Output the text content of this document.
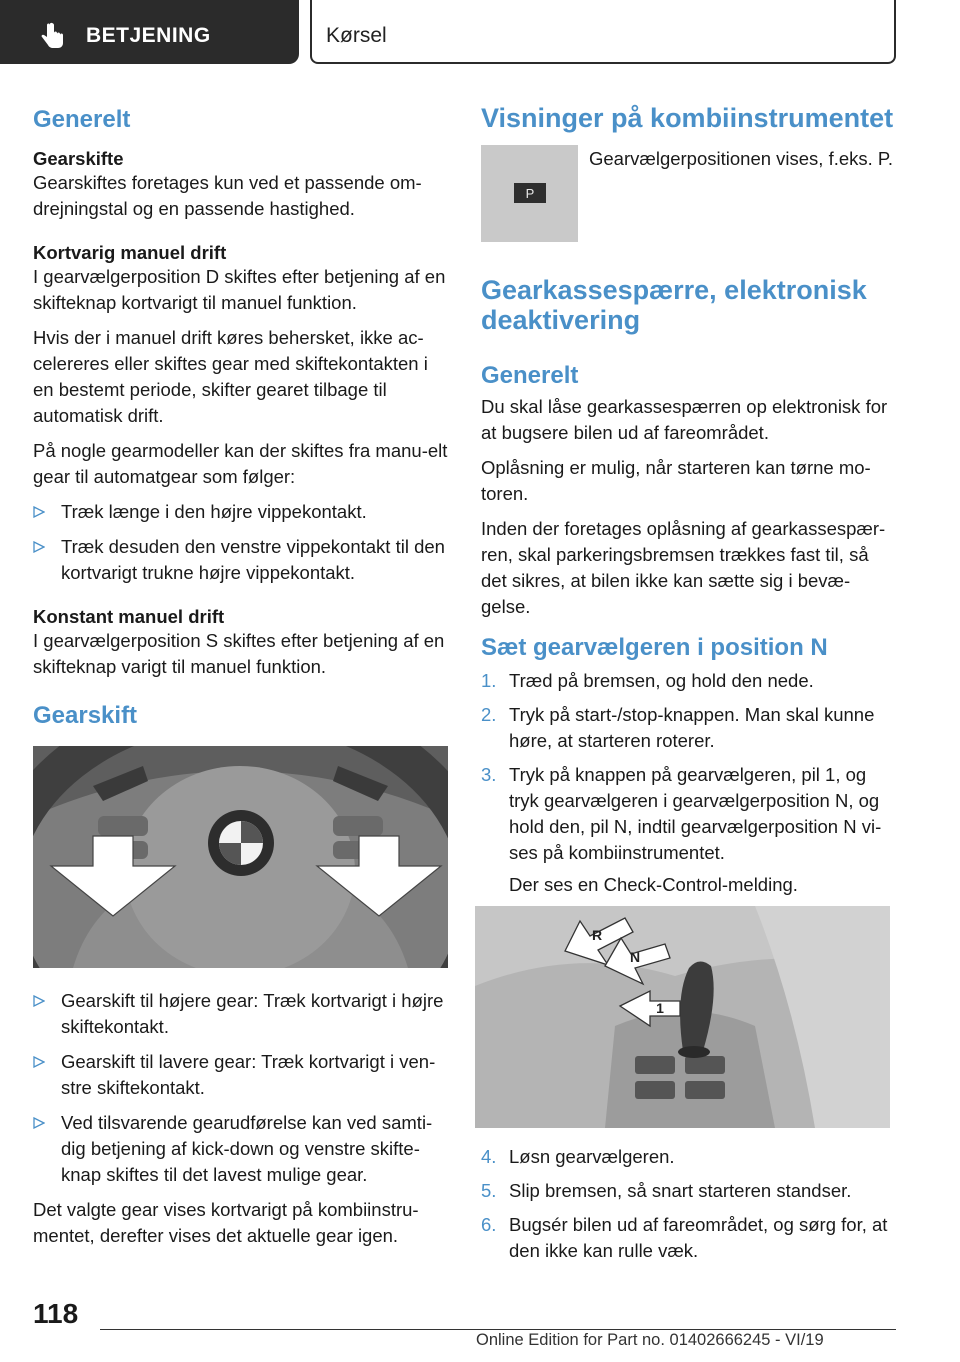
BETJENING	Kørsel
Generelt
Gearskifte
Gearskiftes foretages kun ved et passende om-drejningstal og en passende hastighed.
Kortvarig manuel drift
I gearvælgerposition D skiftes efter betjening af en skifteknap kortvarigt til manuel funktion.
Hvis der i manuel drift køres behersket, ikke ac-celereres eller skiftes gear med skiftekontakten i en bestemt periode, skifter gearet tilbage til automatisk drift.
På nogle gearmodeller kan der skiftes fra manu-elt gear til automatgear som følger:
Træk længe i den højre vippekontakt.
Træk desuden den venstre vippekontakt til den kortvarigt trukne højre vippekontakt.
Konstant manuel drift
I gearvælgerposition S skiftes efter betjening af en skifteknap varigt til manuel funktion.
Gearskift
Gearskift til højere gear: Træk kortvarigt i højre skiftekontakt.
Gearskift til lavere gear: Træk kortvarigt i ven-stre skiftekontakt.
Ved tilsvarende gearudførelse kan ved samti-dig betjening af kick-down og venstre skifte-knap skiftes til det lavest mulige gear.
Det valgte gear vises kortvarigt på kombiinstru-mentet, derefter vises det aktuelle gear igen.
Visninger på kombiinstrumentet
P
Gearvælgerpositionen vises, f.eks. P.
Gearkassespærre, elektronisk deaktivering
Generelt
Du skal låse gearkassespærren op elektronisk for at bugsere bilen ud af fareområdet.
Oplåsning er mulig, når starteren kan tørne mo-toren.
Inden der foretages oplåsning af gearkassespær-ren, skal parkeringsbremsen trækkes fast til, så det sikres, at bilen ikke kan sætte sig i bevæ-gelse.
Sæt gearvælgeren i position N
1. Træd på bremsen, og hold den nede.
2. Tryk på start-/stop-knappen. Man skal kunne høre, at starteren roterer.
3. Tryk på knappen på gearvælgeren, pil 1, og tryk gearvælgeren i gearvælgerposition N, og hold den, pil N, indtil gearvælgerposition N vi-ses på kombiinstrumentet.
Der ses en Check-Control-melding.
R
N
1
4. Løsn gearvælgeren.
5. Slip bremsen, så snart starteren standser.
6. Bugsér bilen ud af fareområdet, og sørg for, at den ikke kan rulle væk.
118
Online Edition for Part no. 01402666245 - VI/19
